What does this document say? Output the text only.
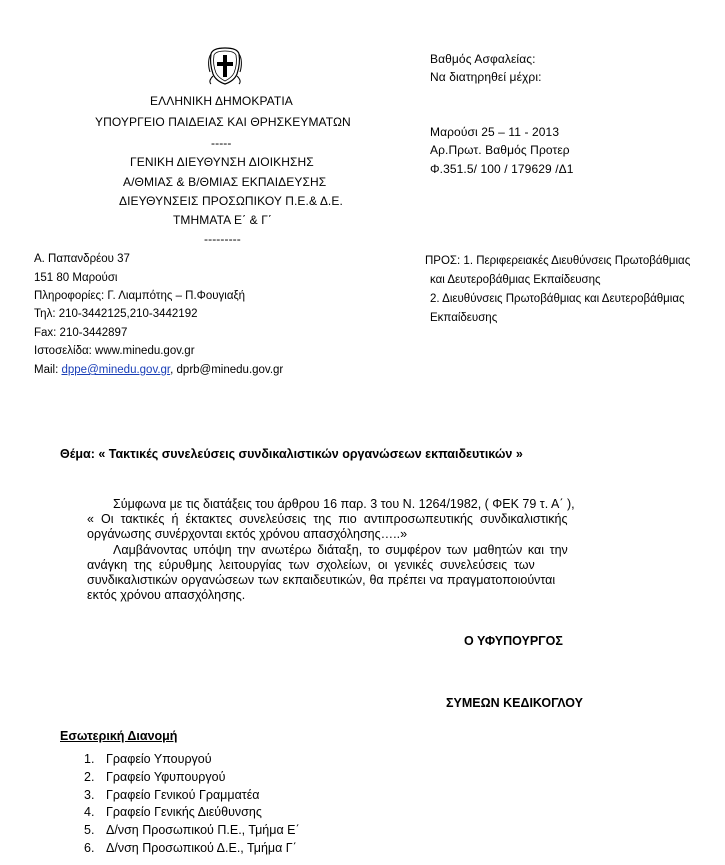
ΕΛΛΗΝΙΚΗ ΔΗΜΟΚΡΑΤΙΑ
ΥΠΟΥΡΓΕΙΟ ΠΑΙΔΕΙΑΣ ΚΑΙ ΘΡΗΣΚΕΥΜΑΤΩΝ
-----
ΓΕΝΙΚΗ ΔΙΕΥΘΥΝΣΗ ΔΙΟΙΚΗΣΗΣ
Α/ΘΜΙΑΣ & Β/ΘΜΙΑΣ ΕΚΠΑΙΔΕΥΣΗΣ
ΔΙΕΥΘΥΝΣΕΙΣ ΠΡΟΣΩΠΙΚΟΥ Π.Ε.& Δ.Ε.
ΤΜΗΜΑΤΑ Ε΄ & Γ΄
---------
Βαθμός Ασφαλείας:
Να διατηρηθεί μέχρι:
Μαρούσι 25 – 11 - 2013
Αρ.Πρωτ. Βαθμός Προτερ
Φ.351.5/ 100 / 179629 /Δ1
Α. Παπανδρέου 37
151 80 Μαρούσι
Πληροφορίες: Γ. Λιαμπότης – Π.Φουγιαξή
Τηλ: 210-3442125,210-3442192
Fax: 210-3442897
Ιστοσελίδα: www.minedu.gov.gr
Mail: dppe@minedu.gov.gr, dprb@minedu.gov.gr
ΠΡΟΣ: 1. Περιφερειακές Διευθύνσεις Πρωτοβάθμιας
και Δευτεροβάθμιας Εκπαίδευσης
2. Διευθύνσεις Πρωτοβάθμιας και Δευτεροβάθμιας
Εκπαίδευσης
Θέμα: « Τακτικές συνελεύσεις συνδικαλιστικών οργανώσεων εκπαιδευτικών »
Σύμφωνα με τις διατάξεις του άρθρου 16 παρ. 3 του Ν. 1264/1982, ( ΦΕΚ 79 τ. Α΄ ),
« Οι τακτικές ή έκτακτες συνελεύσεις της πιο αντιπροσωπευτικής συνδικαλιστικής
οργάνωσης συνέρχονται εκτός χρόνου απασχόλησης…..»
Λαμβάνοντας υπόψη την ανωτέρω διάταξη, το συμφέρον των μαθητών και την
ανάγκη της εύρυθμης λειτουργίας των σχολείων, οι γενικές συνελεύσεις των
συνδικαλιστικών οργανώσεων των εκπαιδευτικών, θα πρέπει να πραγματοποιούνται
εκτός χρόνου απασχόλησης.
Ο ΥΦΥΠΟΥΡΓΟΣ
ΣΥΜΕΩΝ ΚΕΔΙΚΟΓΛΟΥ
Εσωτερική Διανομή
1. Γραφείο Υπουργού
2. Γραφείο Υφυπουργού
3. Γραφείο Γενικού Γραμματέα
4. Γραφείο Γενικής Διεύθυνσης
5. Δ/νση Προσωπικού Π.Ε., Τμήμα Ε΄
6. Δ/νση Προσωπικού Δ.Ε., Τμήμα Γ΄
